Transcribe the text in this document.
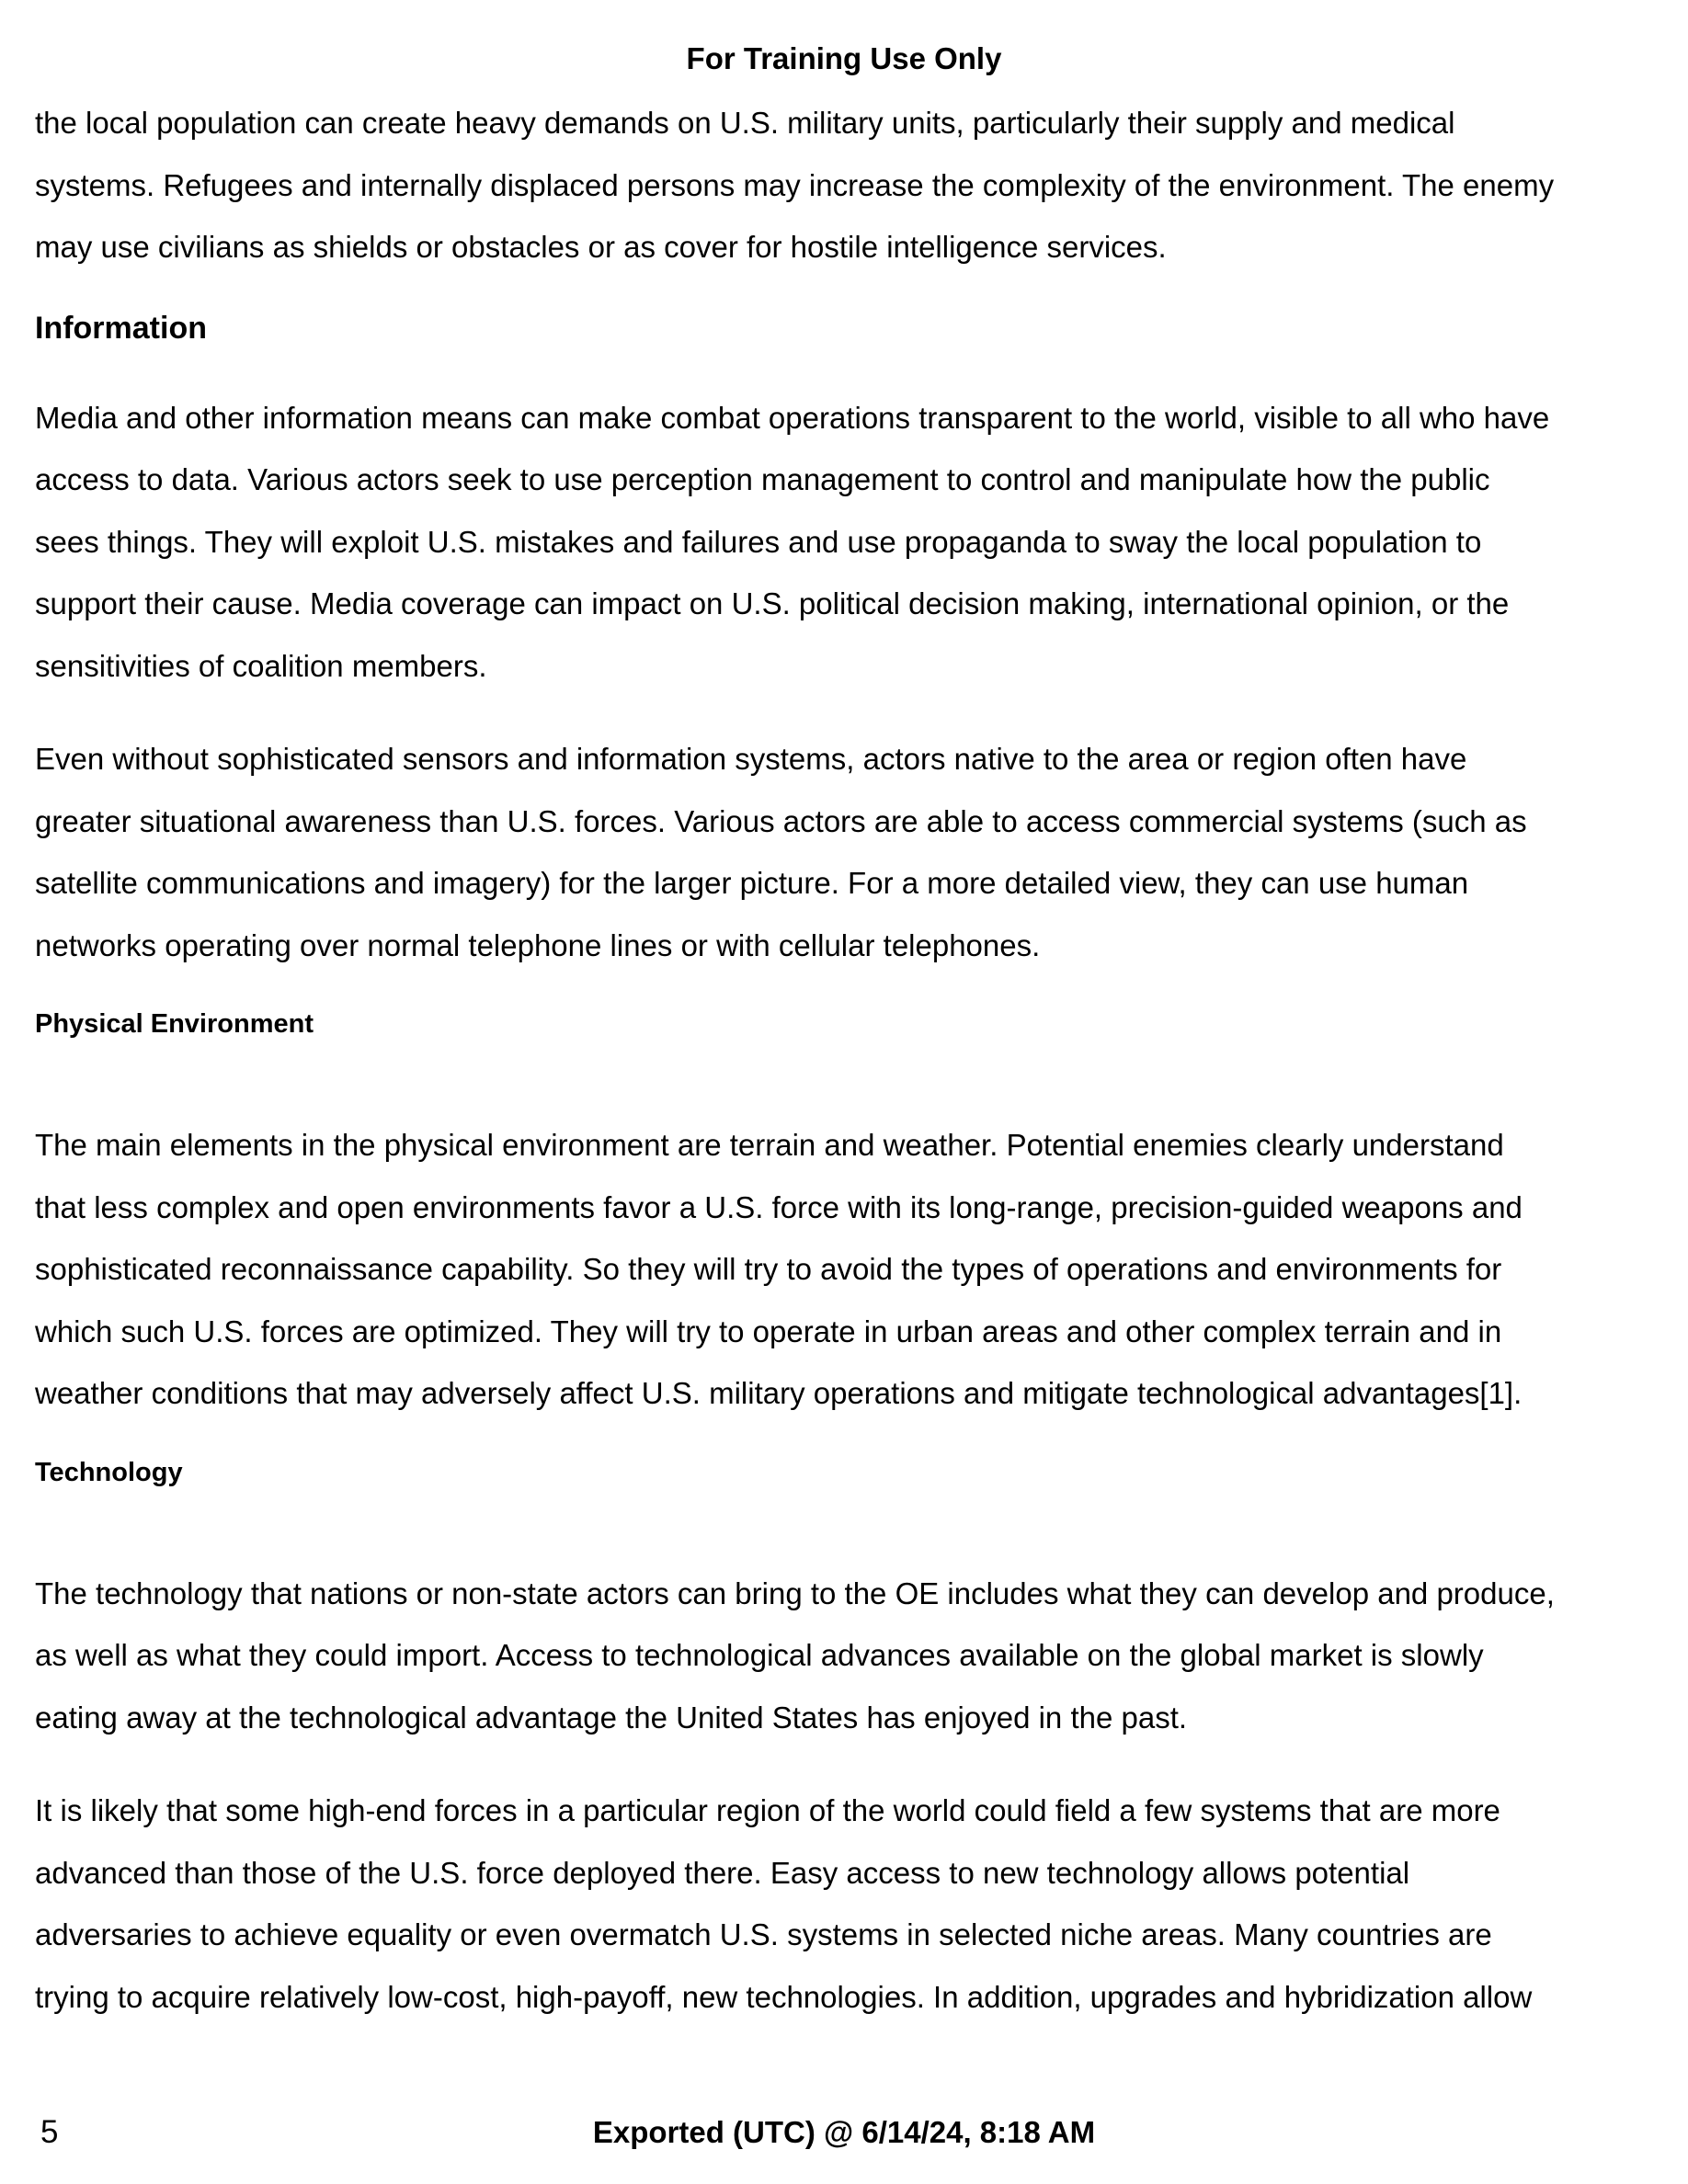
For Training Use Only

the local population can create heavy demands on U.S. military units, particularly their supply and medical
systems. Refugees and internally displaced persons may increase the complexity of the environment. The enemy
may use civilians as shields or obstacles or as cover for hostile intelligence services.

Information

Media and other information means can make combat operations transparent to the world, visible to all who have
access to data. Various actors seek to use perception management to control and manipulate how the public
sees things. They will exploit U.S. mistakes and failures and use propaganda to sway the local population to
support their cause. Media coverage can impact on U.S. political decision making, international opinion, or the
sensitivities of coalition members.

Even without sophisticated sensors and information systems, actors native to the area or region often have
greater situational awareness than U.S. forces. Various actors are able to access commercial systems (such as
satellite communications and imagery) for the larger picture. For a more detailed view, they can use human
networks operating over normal telephone lines or with cellular telephones.

Physical Environment

The main elements in the physical environment are terrain and weather. Potential enemies clearly understand
that less complex and open environments favor a U.S. force with its long-range, precision-guided weapons and
sophisticated reconnaissance capability. So they will try to avoid the types of operations and environments for
which such U.S. forces are optimized. They will try to operate in urban areas and other complex terrain and in
weather conditions that may adversely affect U.S. military operations and mitigate technological advantages[1].

Technology

The technology that nations or non-state actors can bring to the OE includes what they can develop and produce,
as well as what they could import. Access to technological advances available on the global market is slowly
eating away at the technological advantage the United States has enjoyed in the past.

It is likely that some high-end forces in a particular region of the world could field a few systems that are more
advanced than those of the U.S. force deployed there. Easy access to new technology allows potential
adversaries to achieve equality or even overmatch U.S. systems in selected niche areas. Many countries are
trying to acquire relatively low-cost, high-payoff, new technologies. In addition, upgrades and hybridization allow

5	Exported (UTC) @ 6/14/24, 8:18 AM
